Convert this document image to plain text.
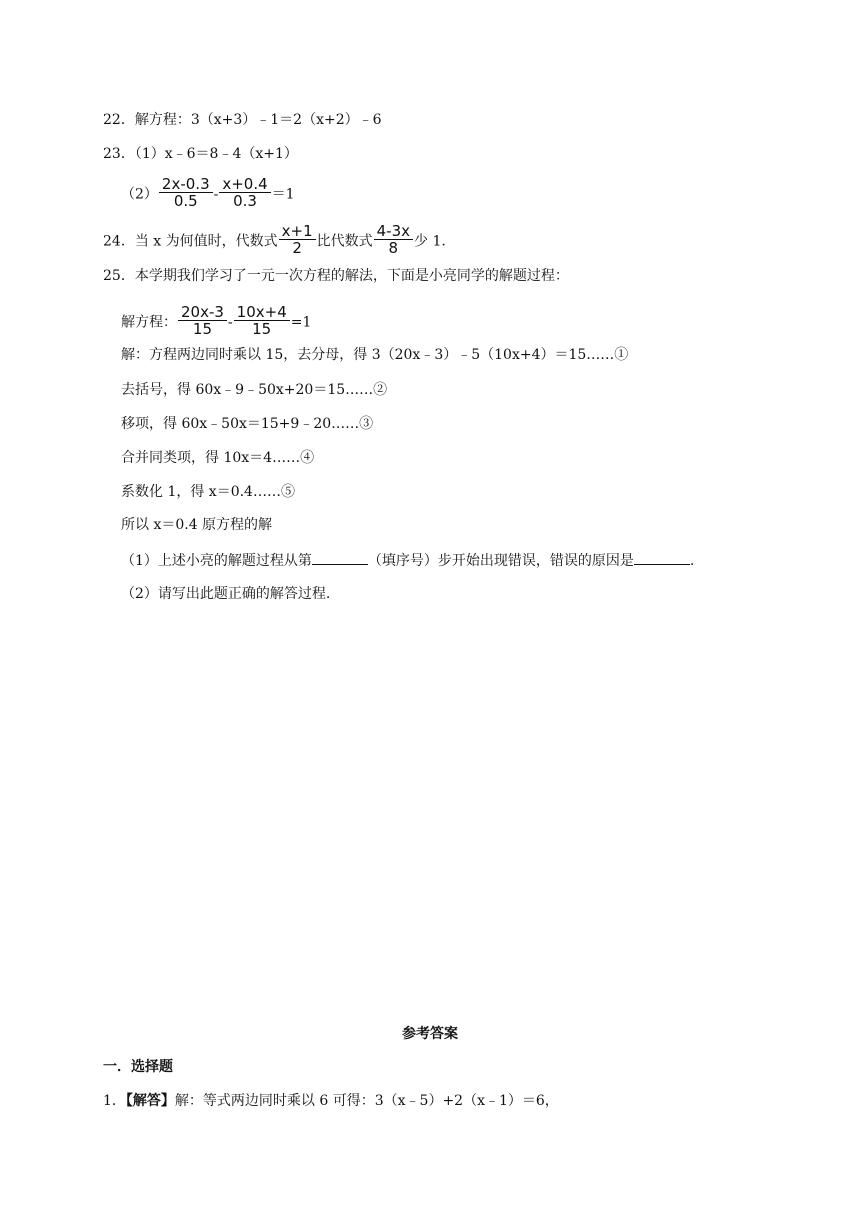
22．解方程：3（x+3）﹣1＝2（x+2）﹣6
23．（1）x﹣6＝8﹣4（x+1）
$(2) \frac{2x-0.3}{0.5} - \frac{x+0.4}{0.3} =1$
24．当 x 为何值时，代数式 $\frac{x+1}{2}$ 比代数式 $\frac{4-3x}{8}$ 少 1.
25．本学期我们学习了一元一次方程的解法，下面是小亮同学的解题过程：
解方程： $\frac{20x-3}{15} - \frac{10x+4}{15} =1$
解：方程两边同时乘以 15，去分母，得 3（20x﹣3）﹣5（10x+4）＝15……①
去括号，得 60x﹣9﹣50x+20＝15……②
移项，得 60x﹣50x＝15+9﹣20……③
合并同类项，得 10x＝4……④
系数化 1，得 x＝0.4……⑤
所以 x＝0.4 原方程的解
（1）上述小亮的解题过程从第	（填序号）步开始出现错误，错误的原因是	.
（2）请写出此题正确的解答过程.
参考答案
一．选择题
1．【解答】解：等式两边同时乘以 6 可得：3（x﹣5）+2（x﹣1）＝6，
